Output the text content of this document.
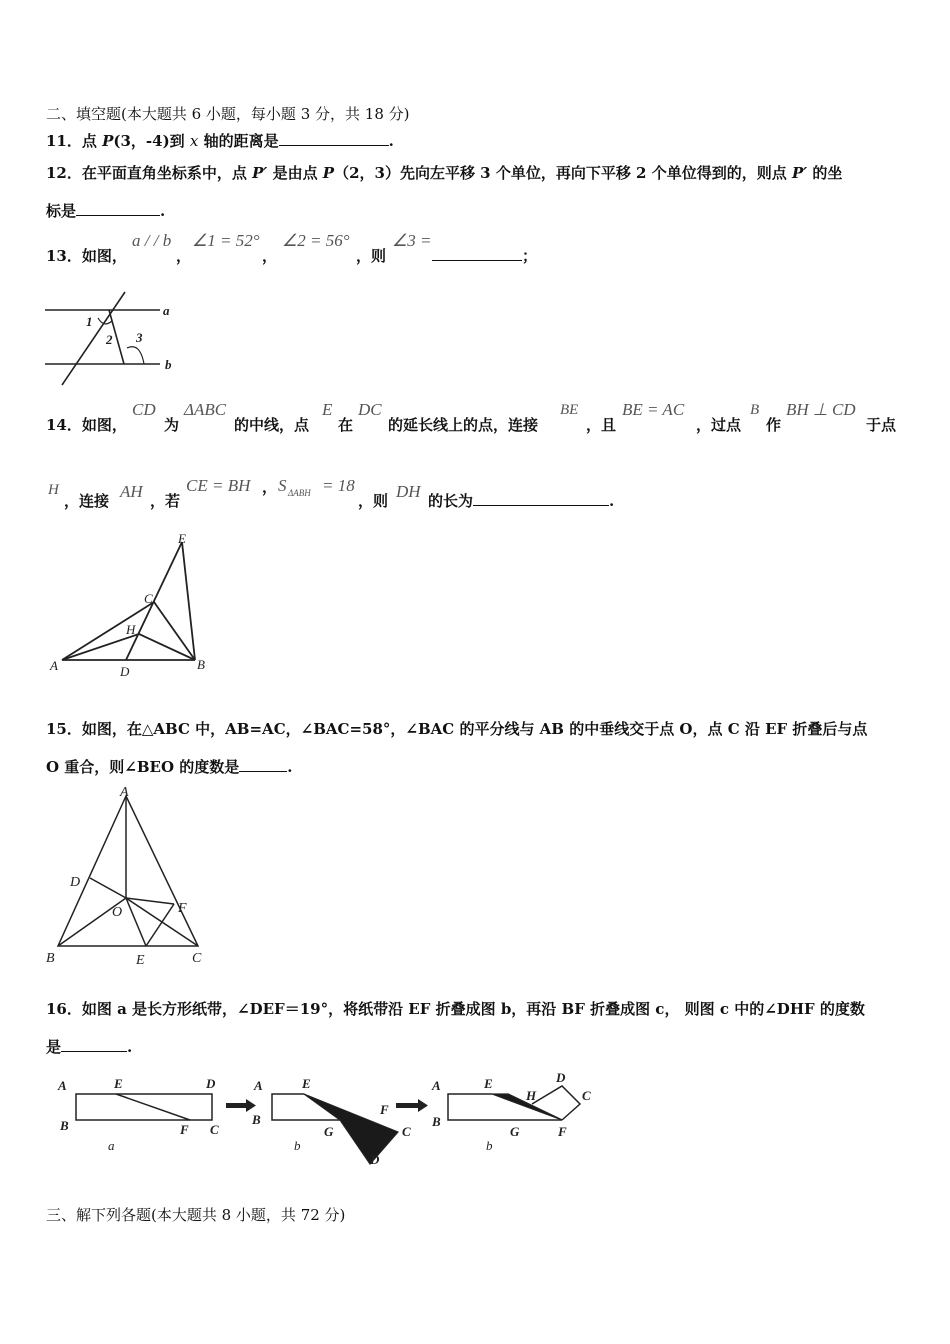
二、填空题(本大题共 6 小题，每小题 3 分，共 18 分)
11．点 P(3，-4)到 x 轴的距离是	.
12．在平面直角坐标系中，点 P′ 是由点 P（2，3）先向左平移 3 个单位，再向下平移 2 个单位得到的，则点 P′ 的坐
标是	.
13．如图，
a / / b
，
∠1 = 52°
，
∠2 = 56°
，则
∠3 =
；
a
b
1
2 3
14．如图，
CD
为
ΔABC
的中线，点
E
在
DC
的延长线上的点，连接
BE
，且
BE = AC
，过点
B
作
BH ⊥ CD
于点
H
，连接 AH ，若
CE = BH ， S ΔABH = 18
，则 DH 的长为	.
A	B
C
D
E
H
15．如图，在△ABC 中，AB=AC，∠BAC=58°，∠BAC 的平分线与 AB 的中垂线交于点 O，点 C 沿 EF 折叠后与点
O 重合，则∠BEO 的度数是	.
A
B	C
D
E
F
O
16．如图 a 是长方形纸带，∠DEF＝19°，将纸带沿 EF 折叠成图 b，再沿 BF 折叠成图 c， 则图 c 中的∠DHF 的度数
是	.
A
B
E	D
F C
a
A
B
E
F
G	C
D
b
A
B
E
H
D
C
G	F
b
三、解下列各题(本大题共 8 小题，共 72 分)
